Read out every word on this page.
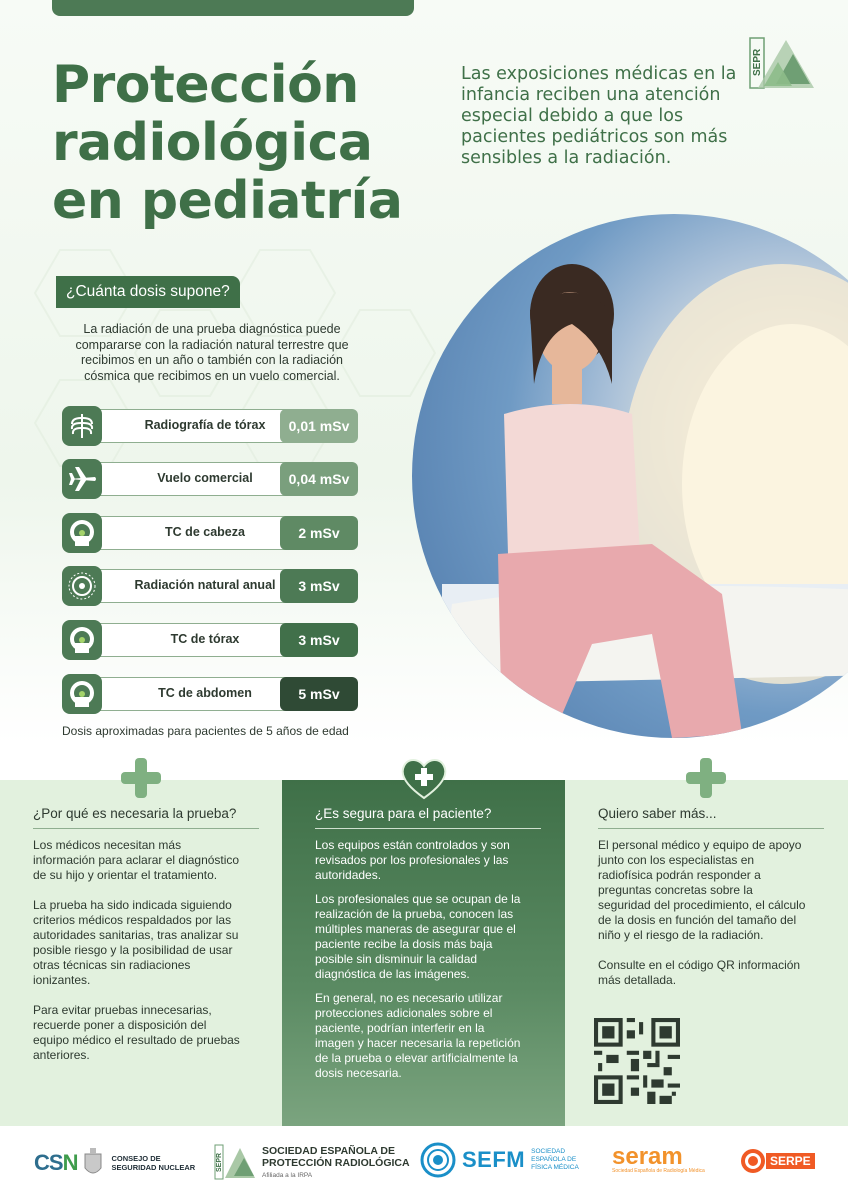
Protección
radiológica
en pediatría

Las exposiciones médicas en la infancia reciben una atención especial debido a que los pacientes pediátricos son más sensibles a la radiación.

SEPR
¿Cuánta dosis supone?

La radiación de una prueba diagnóstica puede compararse con la radiación natural terrestre que recibimos en un año o también con la radiación cósmica que recibimos en un vuelo comercial.

Radiografía de tórax	0,01 mSv
Vuelo comercial	0,04 mSv
TC de cabeza	2 mSv
Radiación natural anual	3 mSv
TC de tórax	3 mSv
TC de abdomen	5 mSv

Dosis aproximadas para pacientes de 5 años de edad

¿Por qué es necesaria la prueba?

Los médicos necesitan más información para aclarar el diagnóstico de su hijo y orientar el tratamiento.

La prueba ha sido indicada siguiendo criterios médicos respaldados por las autoridades sanitarias, tras analizar su posible riesgo y la posibilidad de usar otras técnicas sin radiaciones ionizantes.

Para evitar pruebas innecesarias, recuerde poner a disposición del equipo médico el resultado de pruebas anteriores.

¿Es segura para el paciente?

Los equipos están controlados y son revisados por los profesionales y las autoridades.

Los profesionales que se ocupan de la realización de la prueba, conocen las múltiples maneras de asegurar que el paciente recibe la dosis más baja posible sin disminuir la calidad diagnóstica de las imágenes.

En general, no es necesario utilizar protecciones adicionales sobre el paciente, podrían interferir en la imagen y hacer necesaria la repetición de la prueba o elevar artificialmente la dosis necesaria.

Quiero saber más...

El personal médico y equipo de apoyo junto con los especialistas en radiofísica podrán responder a preguntas concretas sobre la seguridad del procedimiento, el cálculo de la dosis en función del tamaño del niño y el riesgo de la radiación.

Consulte en el código QR información más detallada.

CSN	CONSEJO DE
SEGURIDAD NUCLEAR	SEPR
SOCIEDAD ESPAÑOLA DE
PROTECCIÓN RADIOLÓGICA
Afiliada a la IRPA
SEFM SOCIEDAD
ESPAÑOLA DE
FÍSICA MÉDICA seram
Sociedad Española de Radiología Médica
SERPE
